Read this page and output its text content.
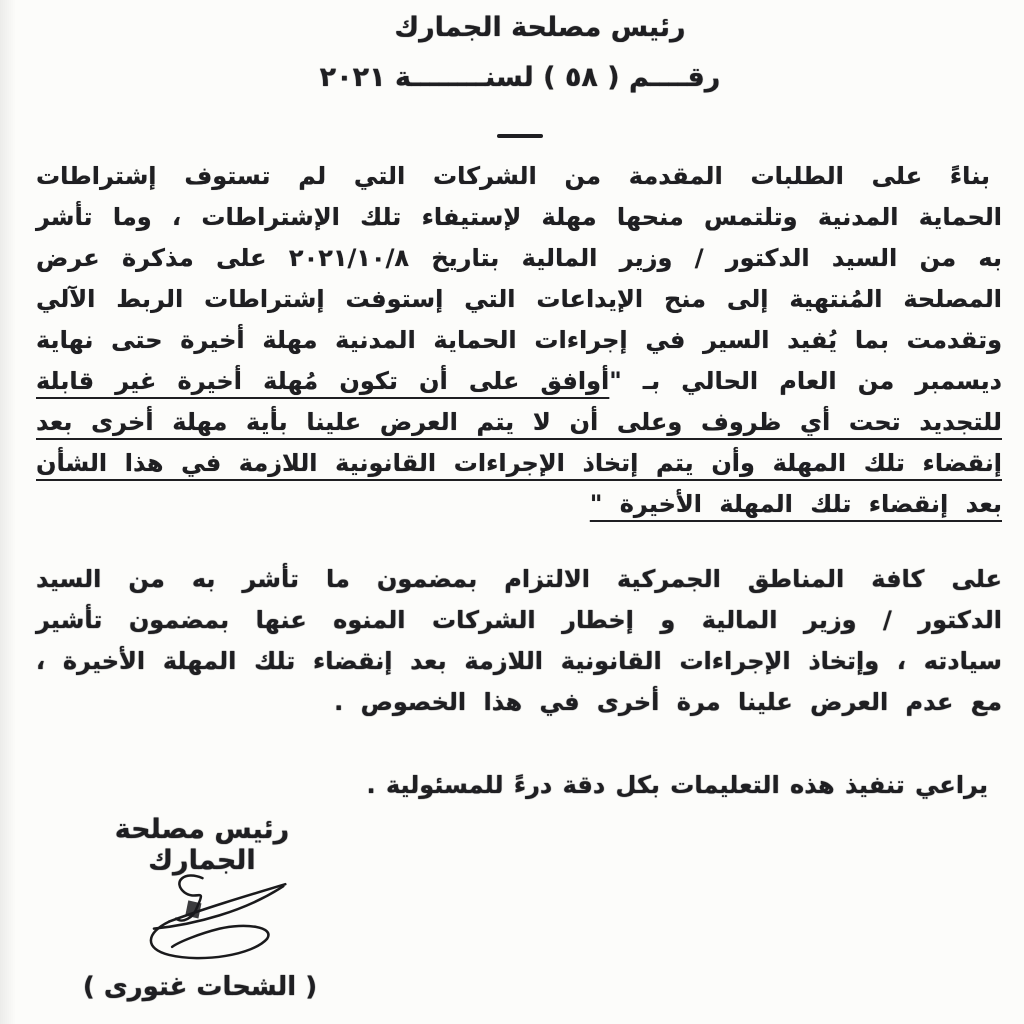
رئيس مصلحة الجمارك
رقــــم ( ٥٨ ) لسنــــــــة ٢٠٢١

بناءً على الطلبات المقدمة من الشركات التي لم تستوف إشتراطات الحماية المدنية وتلتمس منحها مهلة لإستيفاء تلك الإشتراطات ، وما تأشر به من السيد الدكتور / وزير المالية بتاريخ ٢٠٢١/١٠/٨ على مذكرة عرض المصلحة المُنتهية إلى منح الإيداعات التي إستوفت إشتراطات الربط الآلي وتقدمت بما يُفيد السير في إجراءات الحماية المدنية مهلة أخيرة حتى نهاية ديسمبر من العام الحالي بـ "أوافق على أن تكون مُهلة أخيرة غير قابلة للتجديد تحت أي ظروف وعلى أن لا يتم العرض علينا بأية مهلة أخرى بعد إنقضاء تلك المهلة وأن يتم إتخاذ الإجراءات القانونية اللازمة في هذا الشأن بعد إنقضاء تلك المهلة الأخيرة "

على كافة المناطق الجمركية الالتزام بمضمون ما تأشر به من السيد الدكتور / وزير المالية و إخطار الشركات المنوه عنها بمضمون تأشير سيادته ، وإتخاذ الإجراءات القانونية اللازمة بعد إنقضاء تلك المهلة الأخيرة ، مع عدم العرض علينا مرة أخرى في هذا الخصوص .

يراعي تنفيذ هذه التعليمات بكل دقة درءً للمسئولية .

رئيس مصلحة الجمارك
( الشحات غتورى )
